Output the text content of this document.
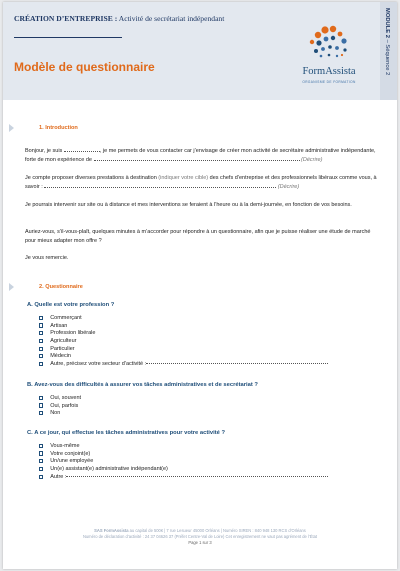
CRÉATION D’ENTREPRISE : Activité de secrétariat indépendant
Modèle de questionnaire	FormAssista
ORGANISME DE FORMATION
MODULE 2 – Séquence 2
1. Introduction
Bonjour, je suis	, je me permets de vous contacter car j’envisage de créer mon activité de secrétaire administrative indépendante, forte de mon expérience de	(Décrire)
Je compte proposer diverses prestations à destination (indiquer votre cible) des chefs d’entreprise et des professionnels libéraux comme vous, à savoir :	(Décrire)
Je pourrais intervenir sur site ou à distance et mes interventions se feraient à l’heure ou à la demi-journée, en fonction de vos besoins.
Auriez-vous, s’il-vous-plaît, quelques minutes à m’accorder pour répondre à un questionnaire, afin que je puisse réaliser une étude de marché pour mieux adapter mon offre ?
Je vous remercie.
2. Questionnaire
A. Quelle est votre profession ?
Commerçant
Artisan
Profession libérale
Agriculteur
Particulier
Médecin
Autre, précisez votre secteur d’activité :
B. Avez-vous des difficultés à assurer vos tâches administratives et de secrétariat ?
Oui, souvent
Oui, parfois
Non
C. A ce jour, qui effectue les tâches administratives pour votre activité ?
Vous-même
Votre conjoint(e)
Un/une employée
Un(e) assistant(e) administrative indépendant(e)
Autre :
SAS FormAssista au capital de 500€ | 7 rue Lesueur 45000 Orléans | Numéro SIREN : 840 948 130 RCS d’Orléans
Numéro de déclaration d’activité : 24 37 04626 37 (Préfet Centre-Val de Loire) Cet enregistrement ne vaut pas agrément de l’État
Page 1 sur 3
